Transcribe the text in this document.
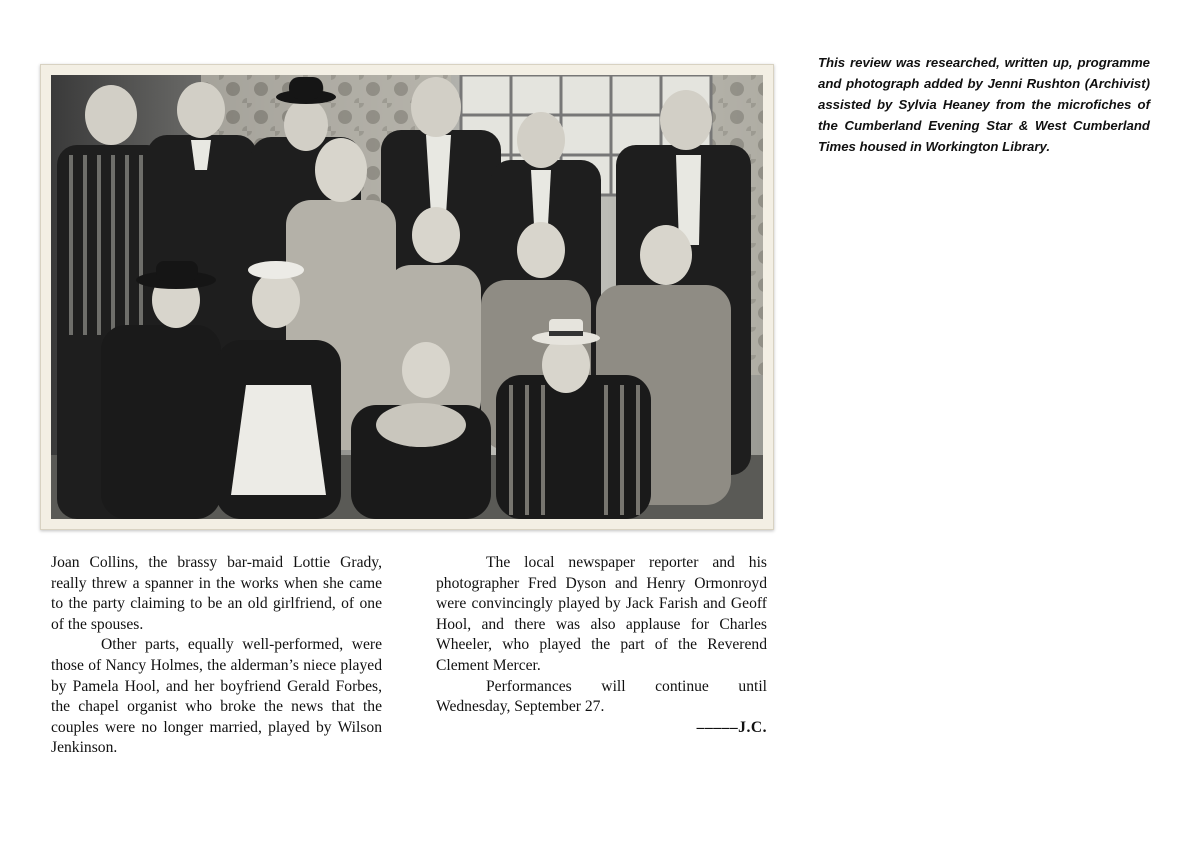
This review was researched, written up, programme and photograph added by Jenni Rushton (Archivist) assisted by Sylvia Heaney from the microfiches of the Cumberland Evening Star & West Cumberland Times housed in Workington Library.

Joan Collins, the brassy bar-maid Lottie Grady, really threw a spanner in the works when she came to the party claiming to be an old girlfriend, of one of the spouses.

Other parts, equally well-performed, were those of Nancy Holmes, the alderman’s niece played by Pamela Hool, and her boyfriend Gerald Forbes, the chapel organist who broke the news that the couples were no longer married, played by Wilson Jenkinson.

The local newspaper reporter and his photographer Fred Dyson and Henry Ormonroyd were convincingly played by Jack Farish and Geoff Hool, and there was also applause for Charles Wheeler, who played the part of the Reverend Clement Mercer.

Performances will continue until Wednesday, September 27.

–––––J.C.
